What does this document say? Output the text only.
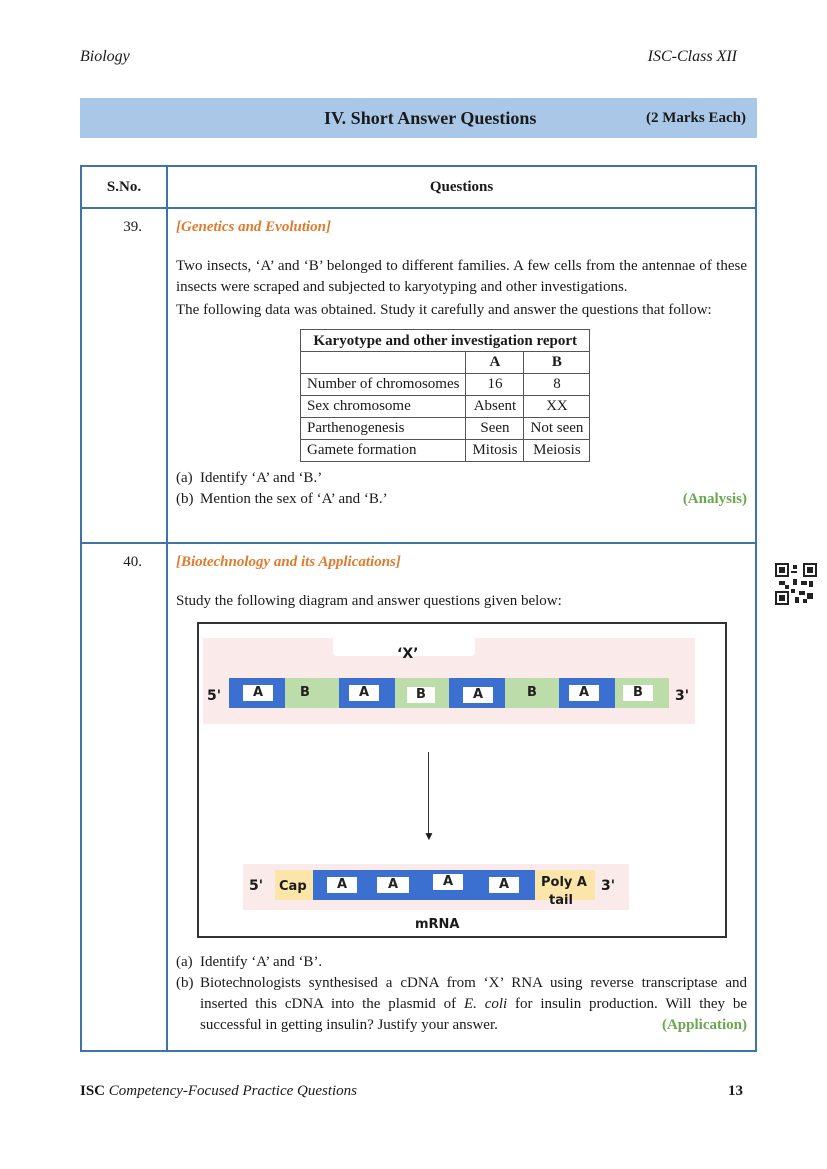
Biology	ISC-Class XII
IV. Short Answer Questions	(2 Marks Each)
S.No.	Questions
39.	[Genetics and Evolution]

Two insects, ‘A’ and ‘B’ belonged to different families. A few cells from the antennae of these insects were scraped and subjected to karyotyping and other investigations.

The following data was obtained. Study it carefully and answer the questions that follow:

Karyotype and other investigation report
	A	B
Number of chromosomes	16	8
Sex chromosome	Absent	XX
Parthenogenesis	Seen	Not seen
Gamete formation	Mitosis	Meiosis
(a) Identify ‘A’ and ‘B.’
(b) Mention the sex of ‘A’ and ‘B.’	(Analysis)

40.	[Biotechnology and its Applications]

Study the following diagram and answer questions given below:

‘X’
5'	3'
A	B	A	B	A	B	A	B
▼
5' Cap	A	A	A	A	Poly A
tail
3'
mRNA
(a) Identify ‘A’ and ‘B’.
(b) Biotechnologists synthesised a cDNA from ‘X’ RNA using reverse transcriptase and inserted this cDNA into the plasmid of E. coli for insulin production. Will they be successful in getting insulin? Justify your answer.	(Application)
ISC Competency-Focused Practice Questions	13
